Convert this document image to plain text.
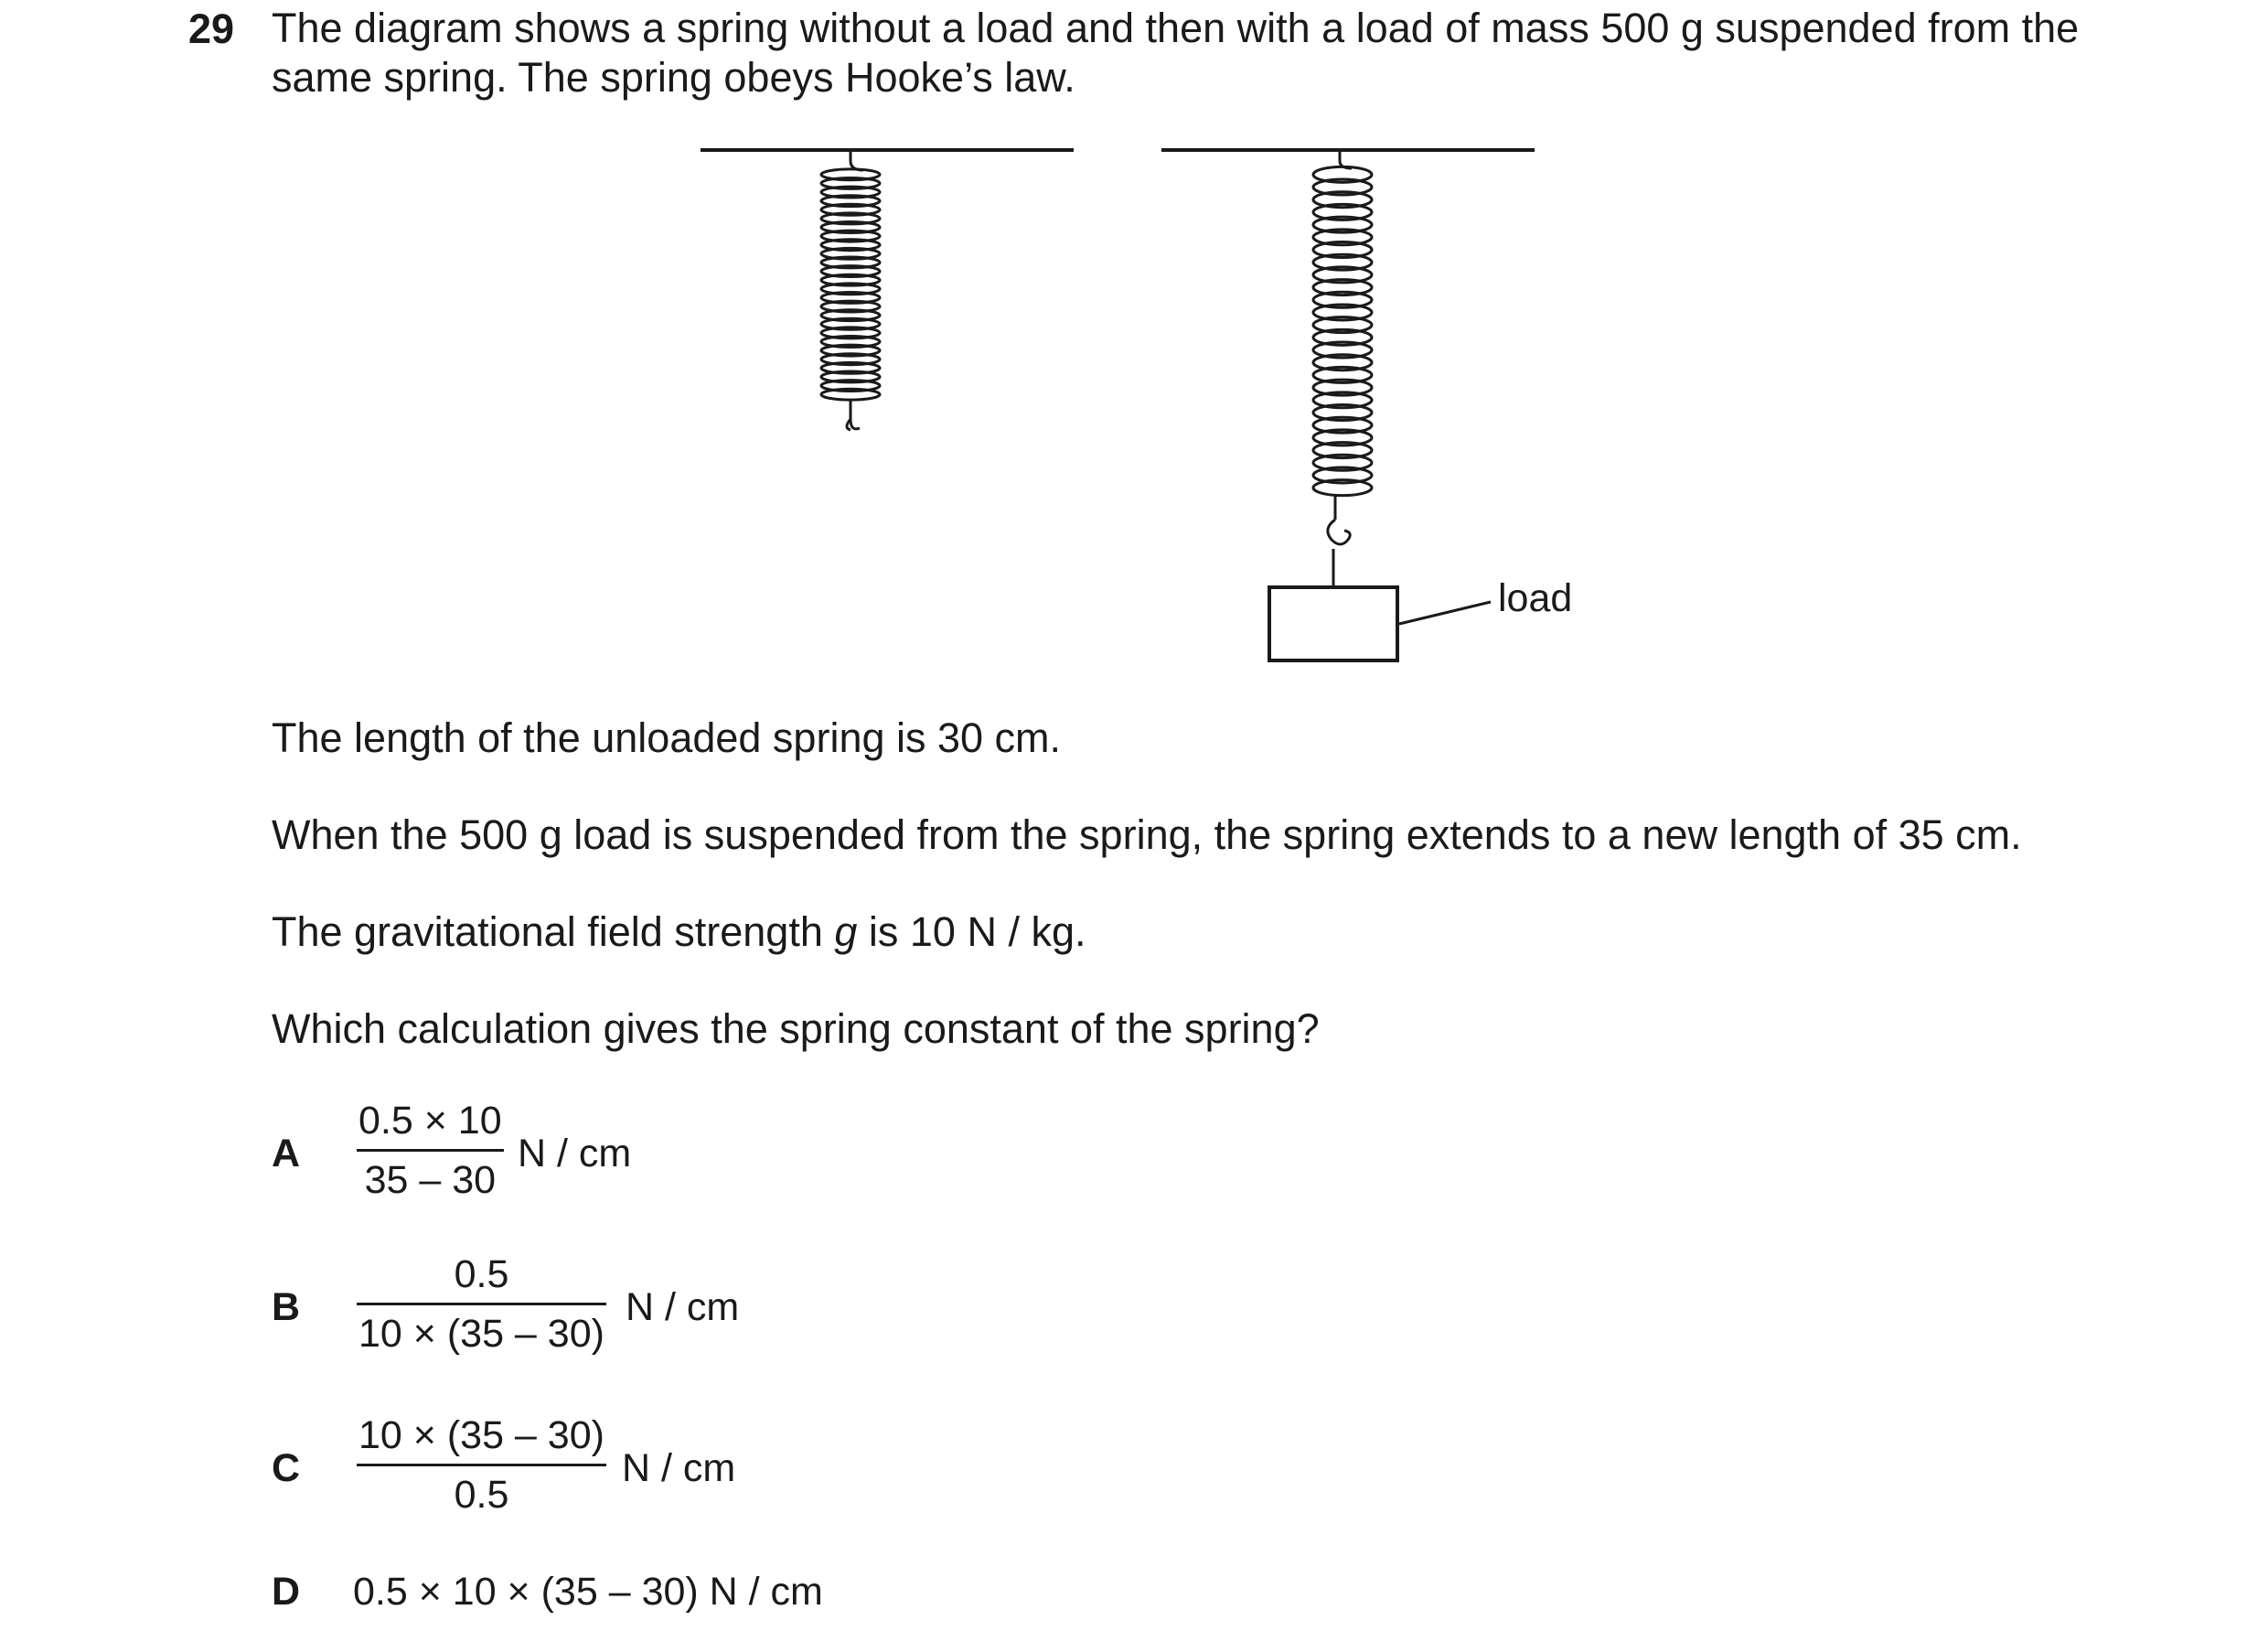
29 The diagram shows a spring without a load and then with a load of mass 500 g suspended from the same spring. The spring obeys Hooke’s law.
load
The length of the unloaded spring is 30 cm.
When the 500 g load is suspended from the spring, the spring extends to a new length of 35 cm.
The gravitational field strength g is 10 N / kg.
Which calculation gives the spring constant of the spring?
A
0.5 × 10
35 – 30
N / cm
B
0.5
10 × (35 – 30)
N / cm
C
10 × (35 – 30)
0.5
N / cm
D 0.5 × 10 × (35 – 30) N / cm
